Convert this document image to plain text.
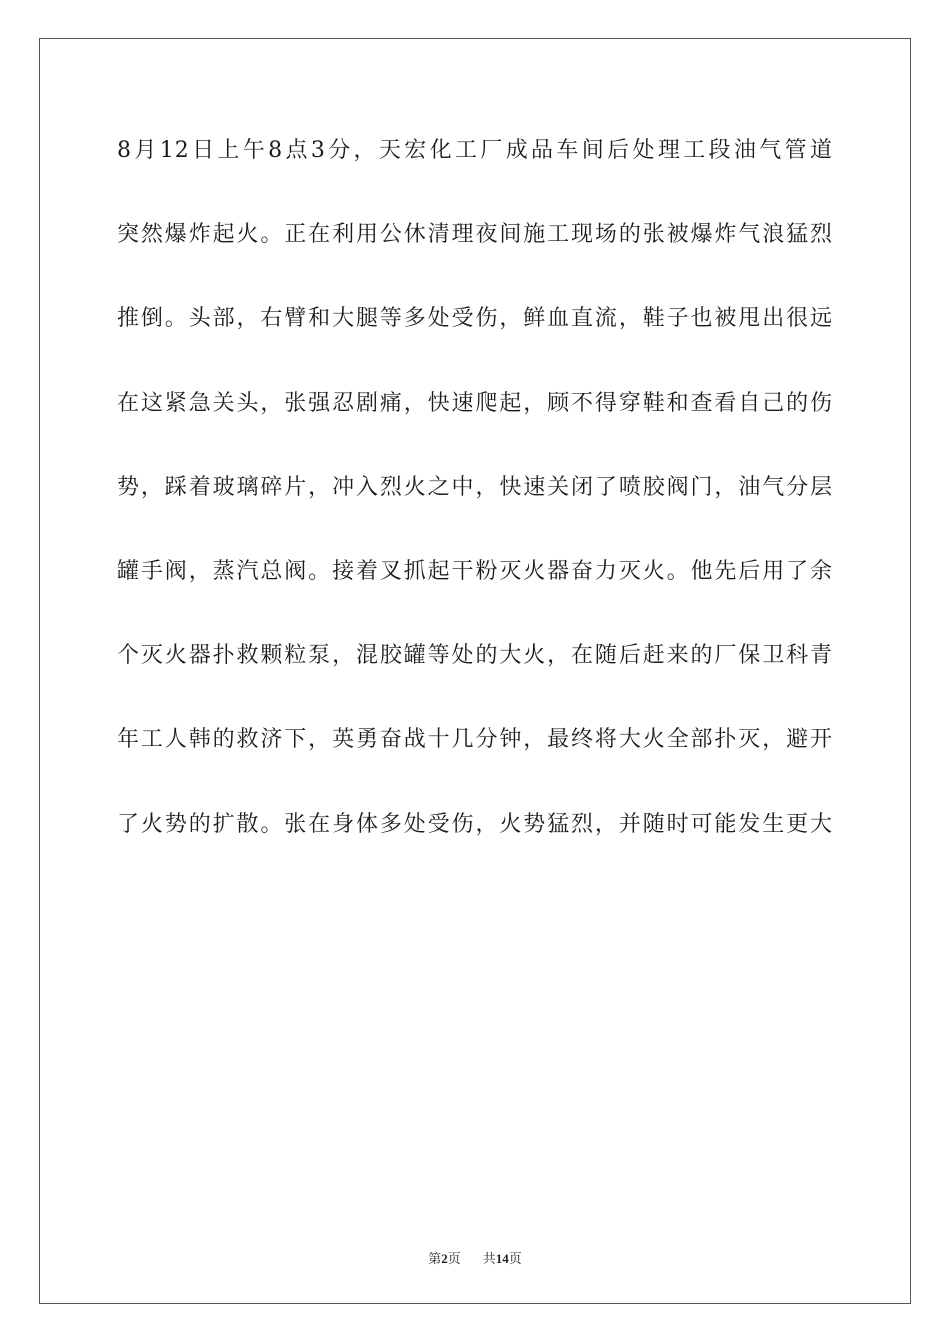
8月12日上午8点3分，天宏化工厂成品车间后处理工段油气管道
突然爆炸起火。正在利用公休清理夜间施工现场的张被爆炸气浪猛烈
推倒。头部，右臂和大腿等多处受伤，鲜血直流，鞋子也被甩出很远
在这紧急关头，张强忍剧痛，快速爬起，顾不得穿鞋和查看自己的伤
势，踩着玻璃碎片，冲入烈火之中，快速关闭了喷胶阀门，油气分层
罐手阀，蒸汽总阀。接着叉抓起干粉灭火器奋力灭火。他先后用了余
个灭火器扑救颗粒泵，混胶罐等处的大火，在随后赶来的厂保卫科青
年工人韩的救济下，英勇奋战十几分钟，最终将大火全部扑灭，避开
了火势的扩散。张在身体多处受伤，火势猛烈，并随时可能发生更大
第2页 共14页
